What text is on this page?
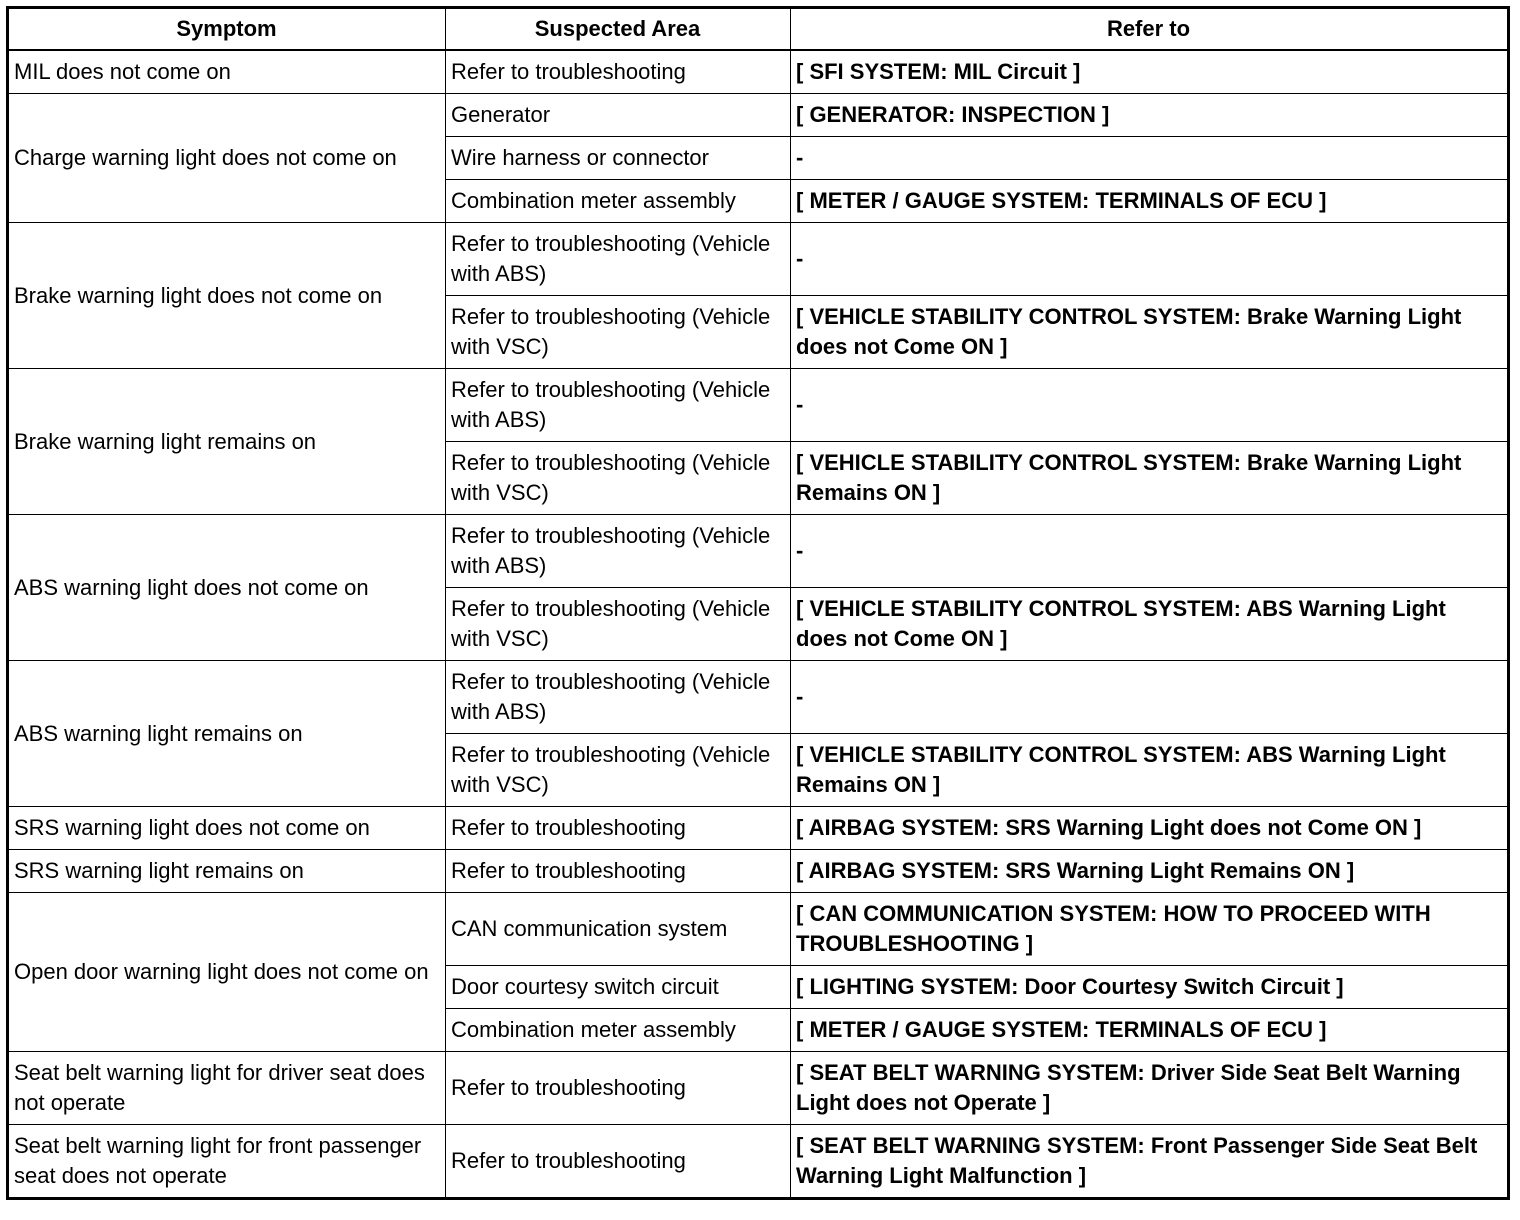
Symptom	Suspected Area	Refer to
MIL does not come on	Refer to troubleshooting	[ SFI SYSTEM: MIL Circuit ]
Charge warning light does not come on	Generator	[ GENERATOR: INSPECTION ]
	Wire harness or connector	-
	Combination meter assembly	[ METER / GAUGE SYSTEM: TERMINALS OF ECU ]
Brake warning light does not come on	Refer to troubleshooting (Vehicle with ABS)	-
	Refer to troubleshooting (Vehicle with VSC)	[ VEHICLE STABILITY CONTROL SYSTEM: Brake Warning Light does not Come ON ]
Brake warning light remains on	Refer to troubleshooting (Vehicle with ABS)	-
	Refer to troubleshooting (Vehicle with VSC)	[ VEHICLE STABILITY CONTROL SYSTEM: Brake Warning Light Remains ON ]
ABS warning light does not come on	Refer to troubleshooting (Vehicle with ABS)	-
	Refer to troubleshooting (Vehicle with VSC)	[ VEHICLE STABILITY CONTROL SYSTEM: ABS Warning Light does not Come ON ]
ABS warning light remains on	Refer to troubleshooting (Vehicle with ABS)	-
	Refer to troubleshooting (Vehicle with VSC)	[ VEHICLE STABILITY CONTROL SYSTEM: ABS Warning Light Remains ON ]
SRS warning light does not come on	Refer to troubleshooting	[ AIRBAG SYSTEM: SRS Warning Light does not Come ON ]
SRS warning light remains on	Refer to troubleshooting	[ AIRBAG SYSTEM: SRS Warning Light Remains ON ]
Open door warning light does not come on	CAN communication system	[ CAN COMMUNICATION SYSTEM: HOW TO PROCEED WITH TROUBLESHOOTING ]
	Door courtesy switch circuit	[ LIGHTING SYSTEM: Door Courtesy Switch Circuit ]
	Combination meter assembly	[ METER / GAUGE SYSTEM: TERMINALS OF ECU ]
Seat belt warning light for driver seat does not operate	Refer to troubleshooting	[ SEAT BELT WARNING SYSTEM: Driver Side Seat Belt Warning Light does not Operate ]
Seat belt warning light for front passenger seat does not operate	Refer to troubleshooting	[ SEAT BELT WARNING SYSTEM: Front Passenger Side Seat Belt Warning Light Malfunction ]
